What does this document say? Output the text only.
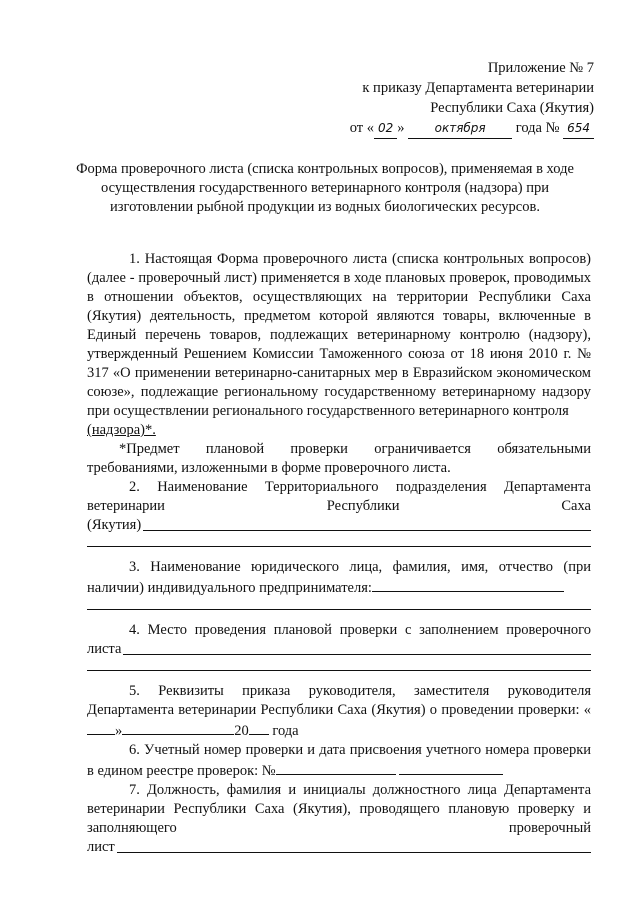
Приложение № 7
к приказу Департамента ветеринарии
Республики Саха (Якутия)
от « 02 »	октября года № 654
Форма проверочного листа (списка контрольных вопросов), применяемая в ходе осуществления государственного ветеринарного контроля (надзора) при изготовлении рыбной продукции из водных биологических ресурсов.

1. Настоящая Форма проверочного листа (списка контрольных вопросов) (далее - проверочный лист) применяется в ходе плановых проверок, проводимых в отношении объектов, осуществляющих на территории Республики Саха (Якутия) деятельность, предметом которой являются товары, включенные в Единый перечень товаров, подлежащих ветеринарному контролю (надзору), утвержденный Решением Комиссии Таможенного союза от 18 июня 2010 г. № 317 «О применении ветеринарно-санитарных мер в Евразийском экономическом союзе», подлежащие региональному государственному ветеринарному надзору при осуществлении регионального государственного ветеринарного контроля

(надзора)*.

*Предмет плановой проверки ограничивается обязательными требованиями, изложенными в форме проверочного листа.

2. Наименование Территориального подразделения Департамента ветеринарии Республики Саха

(Якутия)

3. Наименование юридического лица, фамилия, имя, отчество (при наличии) индивидуального предпринимателя:

4. Место проведения плановой проверки с заполнением проверочного

листа

5. Реквизиты приказа руководителя, заместителя руководителя Департамента ветеринарии Республики Саха (Якутия) о проведении проверки: «»	20 года

6. Учетный номер проверки и дата присвоения учетного номера проверки в едином реестре проверок: №

7. Должность, фамилия и инициалы должностного лица Департамента ветеринарии Республики Саха (Якутия), проводящего плановую проверку и заполняющего проверочный

лист
